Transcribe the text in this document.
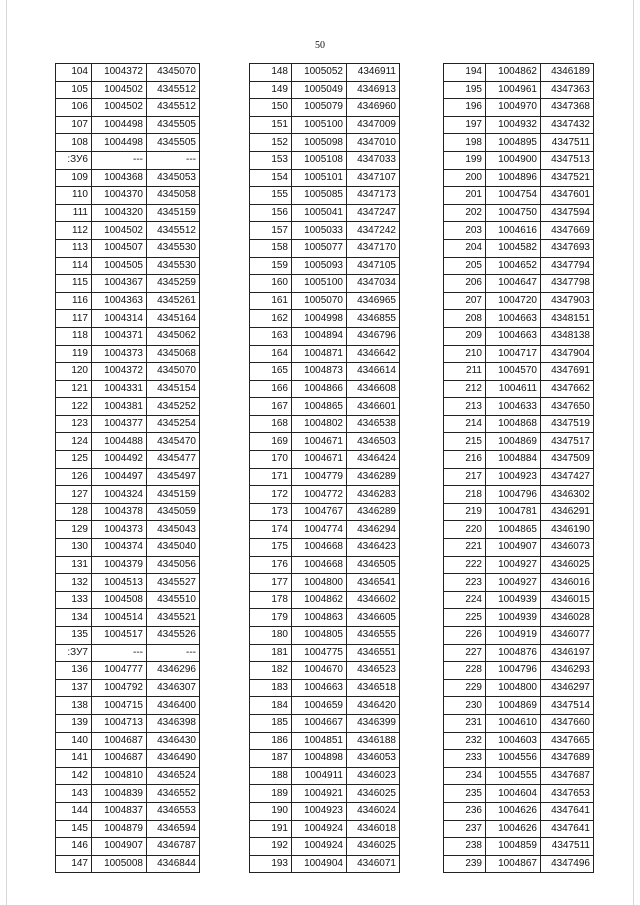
50
104	1004372	4345070
105	1004502	4345512
106	1004502	4345512
107	1004498	4345505
108	1004498	4345505
:ЗУ6	---	---
109	1004368	4345053
110	1004370	4345058
111	1004320	4345159
112	1004502	4345512
113	1004507	4345530
114	1004505	4345530
115	1004367	4345259
116	1004363	4345261
117	1004314	4345164
118	1004371	4345062
119	1004373	4345068
120	1004372	4345070
121	1004331	4345154
122	1004381	4345252
123	1004377	4345254
124	1004488	4345470
125	1004492	4345477
126	1004497	4345497
127	1004324	4345159
128	1004378	4345059
129	1004373	4345043
130	1004374	4345040
131	1004379	4345056
132	1004513	4345527
133	1004508	4345510
134	1004514	4345521
135	1004517	4345526
:ЗУ7	---	---
136	1004777	4346296
137	1004792	4346307
138	1004715	4346400
139	1004713	4346398
140	1004687	4346430
141	1004687	4346490
142	1004810	4346524
143	1004839	4346552
144	1004837	4346553
145	1004879	4346594
146	1004907	4346787
147	1005008	4346844
148	1005052	4346911
149	1005049	4346913
150	1005079	4346960
151	1005100	4347009
152	1005098	4347010
153	1005108	4347033
154	1005101	4347107
155	1005085	4347173
156	1005041	4347247
157	1005033	4347242
158	1005077	4347170
159	1005093	4347105
160	1005100	4347034
161	1005070	4346965
162	1004998	4346855
163	1004894	4346796
164	1004871	4346642
165	1004873	4346614
166	1004866	4346608
167	1004865	4346601
168	1004802	4346538
169	1004671	4346503
170	1004671	4346424
171	1004779	4346289
172	1004772	4346283
173	1004767	4346289
174	1004774	4346294
175	1004668	4346423
176	1004668	4346505
177	1004800	4346541
178	1004862	4346602
179	1004863	4346605
180	1004805	4346555
181	1004775	4346551
182	1004670	4346523
183	1004663	4346518
184	1004659	4346420
185	1004667	4346399
186	1004851	4346188
187	1004898	4346053
188	1004911	4346023
189	1004921	4346025
190	1004923	4346024
191	1004924	4346018
192	1004924	4346025
193	1004904	4346071
194	1004862	4346189
195	1004961	4347363
196	1004970	4347368
197	1004932	4347432
198	1004895	4347511
199	1004900	4347513
200	1004896	4347521
201	1004754	4347601
202	1004750	4347594
203	1004616	4347669
204	1004582	4347693
205	1004652	4347794
206	1004647	4347798
207	1004720	4347903
208	1004663	4348151
209	1004663	4348138
210	1004717	4347904
211	1004570	4347691
212	1004611	4347662
213	1004633	4347650
214	1004868	4347519
215	1004869	4347517
216	1004884	4347509
217	1004923	4347427
218	1004796	4346302
219	1004781	4346291
220	1004865	4346190
221	1004907	4346073
222	1004927	4346025
223	1004927	4346016
224	1004939	4346015
225	1004939	4346028
226	1004919	4346077
227	1004876	4346197
228	1004796	4346293
229	1004800	4346297
230	1004869	4347514
231	1004610	4347660
232	1004603	4347665
233	1004556	4347689
234	1004555	4347687
235	1004604	4347653
236	1004626	4347641
237	1004626	4347641
238	1004859	4347511
239	1004867	4347496
